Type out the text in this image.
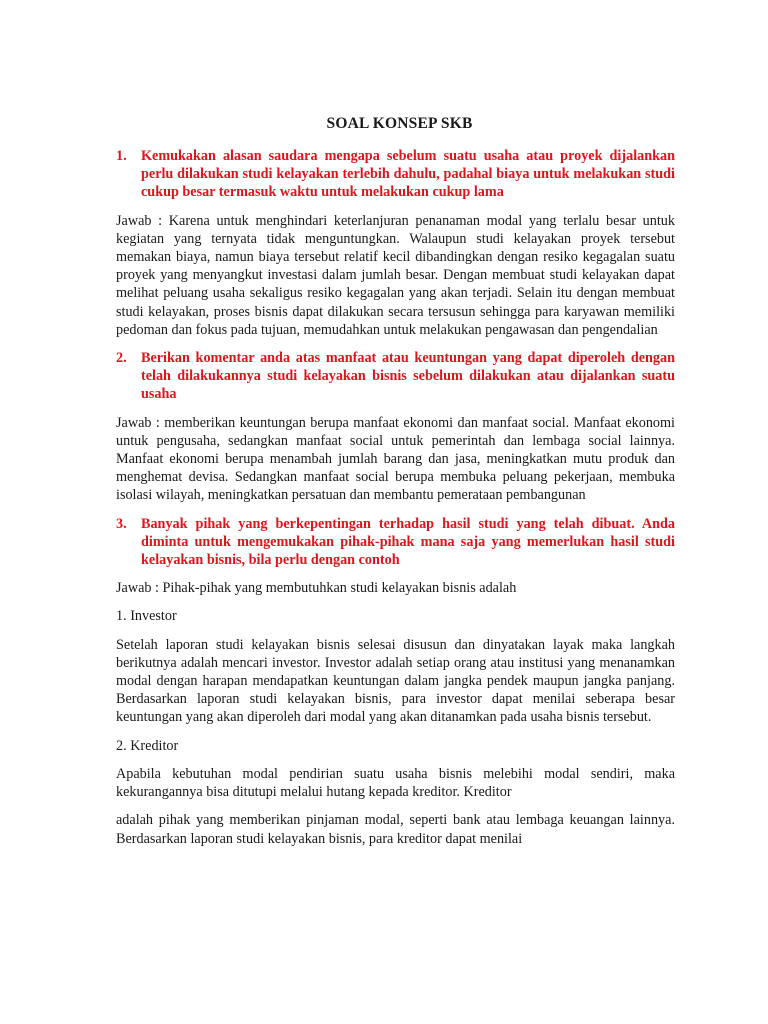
SOAL KONSEP SKB
1.	Kemukakan alasan saudara mengapa sebelum suatu usaha atau proyek dijalankan perlu dilakukan studi kelayakan terlebih dahulu, padahal biaya untuk melakukan studi cukup besar termasuk waktu untuk melakukan cukup lama

Jawab : Karena untuk menghindari keterlanjuran penanaman modal yang terlalu besar untuk kegiatan yang ternyata tidak menguntungkan. Walaupun studi kelayakan proyek tersebut memakan biaya, namun biaya tersebut relatif kecil dibandingkan dengan resiko kegagalan suatu proyek yang menyangkut investasi dalam jumlah besar. Dengan membuat studi kelayakan dapat melihat peluang usaha sekaligus resiko kegagalan yang akan terjadi. Selain itu dengan membuat studi kelayakan, proses bisnis dapat dilakukan secara tersusun sehingga para karyawan memiliki pedoman dan fokus pada tujuan, memudahkan untuk melakukan pengawasan dan pengendalian

2.	Berikan komentar anda atas manfaat atau keuntungan yang dapat diperoleh dengan telah dilakukannya studi kelayakan bisnis sebelum dilakukan atau dijalankan suatu usaha

Jawab : memberikan keuntungan berupa manfaat ekonomi dan manfaat social. Manfaat ekonomi untuk pengusaha, sedangkan manfaat social untuk pemerintah dan lembaga social lainnya. Manfaat ekonomi berupa menambah jumlah barang dan jasa, meningkatkan mutu produk dan menghemat devisa. Sedangkan manfaat social berupa membuka peluang pekerjaan, membuka isolasi wilayah, meningkatkan persatuan dan membantu pemerataan pembangunan

3.	Banyak pihak yang berkepentingan terhadap hasil studi yang telah dibuat. Anda diminta untuk mengemukakan pihak-pihak mana saja yang memerlukan hasil studi kelayakan bisnis, bila perlu dengan contoh

Jawab : Pihak-pihak yang membutuhkan studi kelayakan bisnis adalah

1. Investor

Setelah laporan studi kelayakan bisnis selesai disusun dan dinyatakan layak maka langkah berikutnya adalah mencari investor. Investor adalah setiap orang atau institusi yang menanamkan modal dengan harapan mendapatkan keuntungan dalam jangka pendek maupun jangka panjang. Berdasarkan laporan studi kelayakan bisnis, para investor dapat menilai seberapa besar keuntungan yang akan diperoleh dari modal yang akan ditanamkan pada usaha bisnis tersebut.

2. Kreditor

Apabila kebutuhan modal pendirian suatu usaha bisnis melebihi modal sendiri, maka kekurangannya bisa ditutupi melalui hutang kepada kreditor. Kreditor

adalah pihak yang memberikan pinjaman modal, seperti bank atau lembaga keuangan lainnya. Berdasarkan laporan studi kelayakan bisnis, para kreditor dapat menilai
